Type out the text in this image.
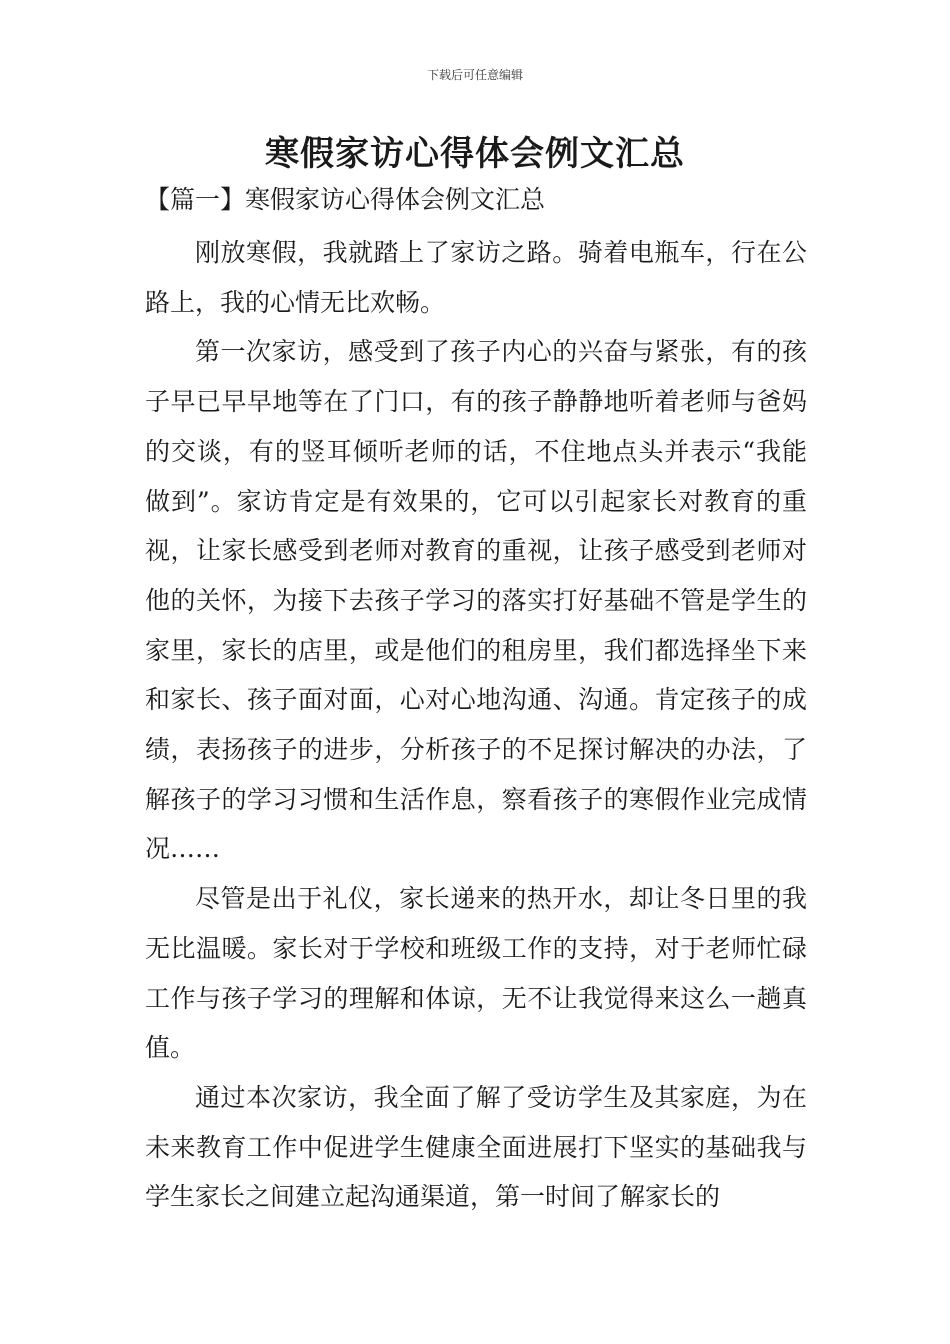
下载后可任意编辑
寒假家访心得体会例文汇总
【篇一】寒假家访心得体会例文汇总

刚放寒假，我就踏上了家访之路。骑着电瓶车，行在公路上，我的心情无比欢畅。

第一次家访，感受到了孩子内心的兴奋与紧张，有的孩子早已早早地等在了门口，有的孩子静静地听着老师与爸妈的交谈，有的竖耳倾听老师的话，不住地点头并表示“我能做到”。家访肯定是有效果的，它可以引起家长对教育的重视，让家长感受到老师对教育的重视，让孩子感受到老师对他的关怀，为接下去孩子学习的落实打好基础不管是学生的家里，家长的店里，或是他们的租房里，我们都选择坐下来和家长、孩子面对面，心对心地沟通、沟通。肯定孩子的成绩，表扬孩子的进步，分析孩子的不足探讨解决的办法，了解孩子的学习习惯和生活作息，察看孩子的寒假作业完成情况……

尽管是出于礼仪，家长递来的热开水，却让冬日里的我无比温暖。家长对于学校和班级工作的支持，对于老师忙碌工作与孩子学习的理解和体谅，无不让我觉得来这么一趟真值。

通过本次家访，我全面了解了受访学生及其家庭，为在未来教育工作中促进学生健康全面进展打下坚实的基础我与学生家长之间建立起沟通渠道，第一时间了解家长的
